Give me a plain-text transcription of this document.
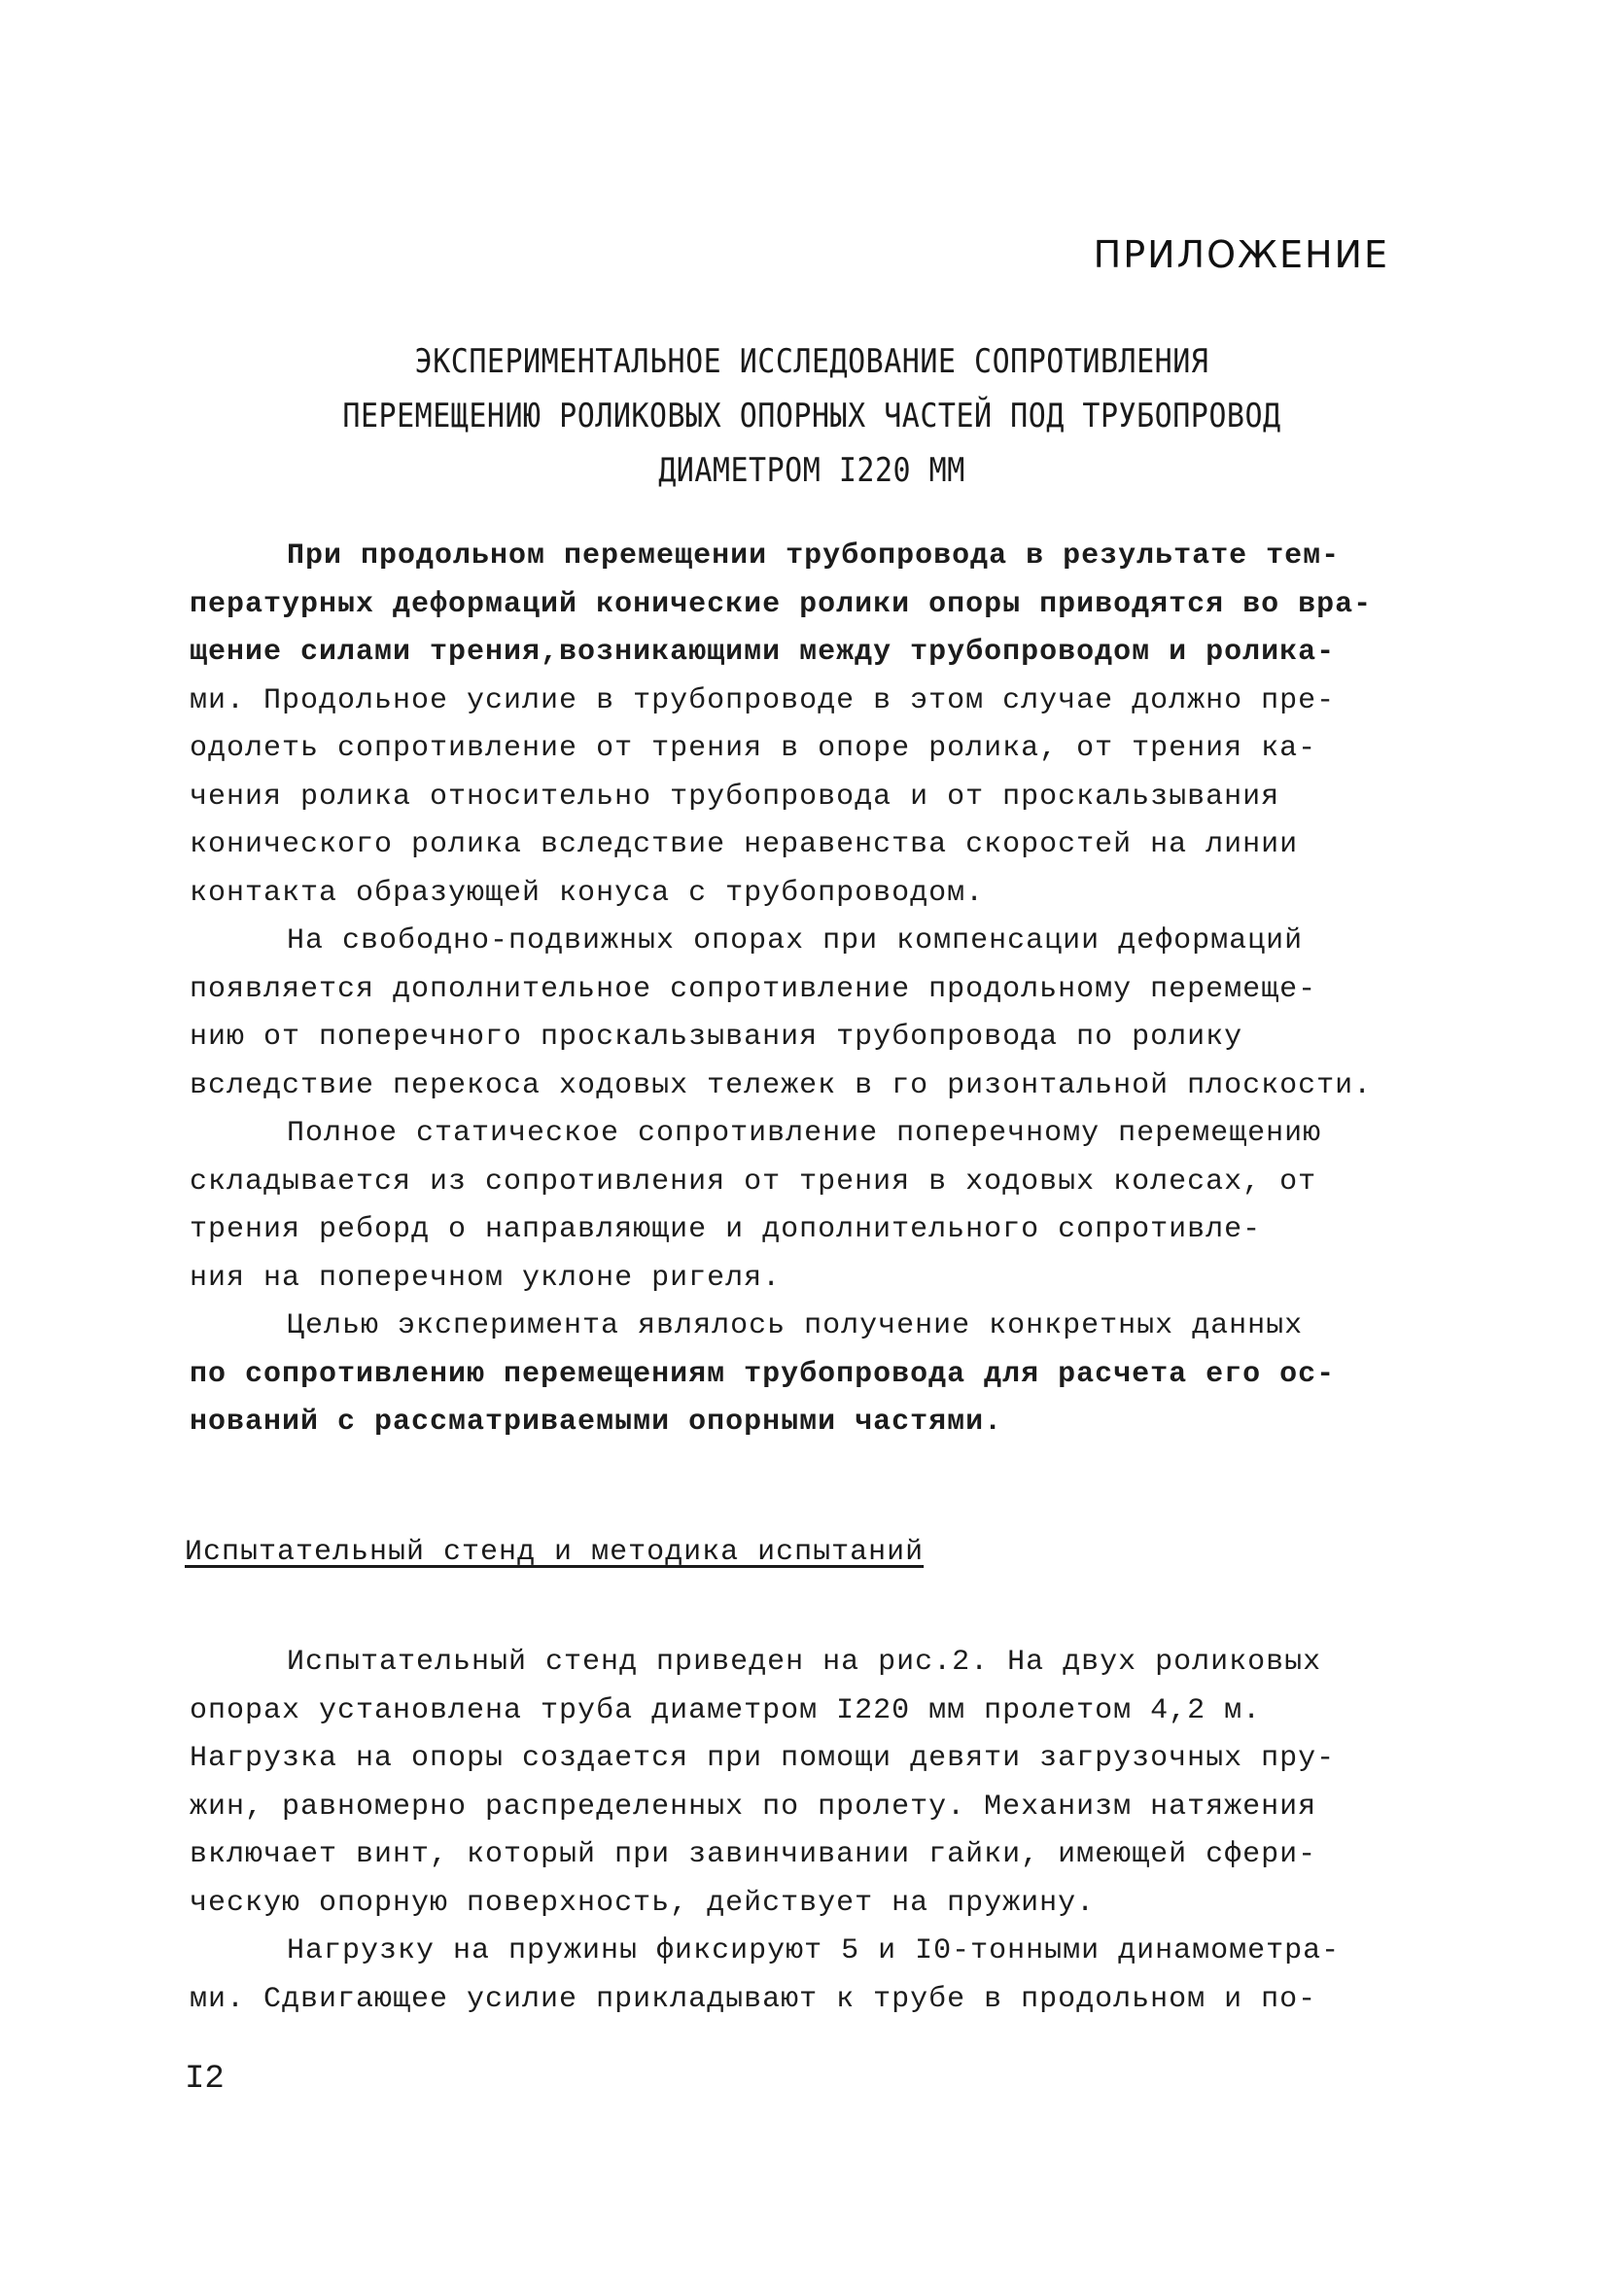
ПРИЛОЖЕНИЕ
ЭКСПЕРИМЕНТАЛЬНОЕ ИССЛЕДОВАНИЕ СОПРОТИВЛЕНИЯ
ПЕРЕМЕЩЕНИЮ РОЛИКОВЫХ ОПОРНЫХ ЧАСТЕЙ ПОД ТРУБОПРОВОД
ДИАМЕТРОМ I220 ММ
При продольном перемещении трубопровода в результате тем-
пературных деформаций конические ролики опоры приводятся во вра-
щение силами трения,возникающими между трубопроводом и ролика-
ми. Продольное усилие в трубопроводе в этом случае должно пре-
одолеть сопротивление от трения в опоре ролика, от трения ка-
чения ролика относительно трубопровода и от проскальзывания
конического ролика вследствие неравенства скоростей на линии
контакта образующей конуса с трубопроводом.
На свободно-подвижных опорах при компенсации деформаций
появляется дополнительное сопротивление продольному перемеще-
нию от поперечного проскальзывания трубопровода по ролику
вследствие перекоса ходовых тележек в го ризонтальной плоскости.
Полное статическое сопротивление поперечному перемещению
складывается из сопротивления от трения в ходовых колесах, от
трения реборд о направляющие и дополнительного сопротивле-
ния на поперечном уклоне ригеля.
Целью эксперимента являлось получение конкретных данных
по сопротивлению перемещениям трубопровода для расчета его ос-
нований с рассматриваемыми опорными частями.
Испытательный стенд и методика испытаний
Испытательный стенд приведен на рис.2. На двух роликовых
опорах установлена труба диаметром I220 мм пролетом 4,2 м.
Нагрузка на опоры создается при помощи девяти загрузочных пру-
жин, равномерно распределенных по пролету. Механизм натяжения
включает винт, который при завинчивании гайки, имеющей сфери-
ческую опорную поверхность, действует на пружину.
Нагрузку на пружины фиксируют 5 и I0-тонными динамометра-
ми. Сдвигающее усилие прикладывают к трубе в продольном и по-
I2
